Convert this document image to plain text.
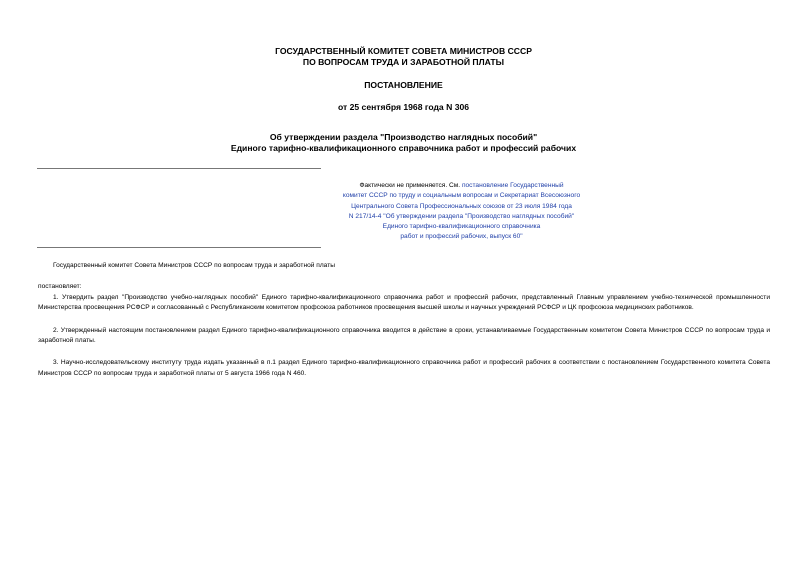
ГОСУДАРСТВЕННЫЙ КОМИТЕТ СОВЕТА МИНИСТРОВ СССР
ПО ВОПРОСАМ ТРУДА И ЗАРАБОТНОЙ ПЛАТЫ
ПОСТАНОВЛЕНИЕ
от 25 сентября 1968 года N 306
Об утверждении раздела "Производство наглядных пособий"
Единого тарифно-квалификационного справочника работ и профессий рабочих
Фактически не применяется. См. постановление Государственный
комитет СССР по труду и социальным вопросам и Секретариат Всесоюзного
Центрального Совета Профессиональных союзов от 23 июля 1984 года
N 217/14-4 "Об утверждении раздела "Производство наглядных пособий"
Единого тарифно-квалификационного справочника
работ и профессий рабочих, выпуск 60"

Государственный комитет Совета Министров СССР по вопросам труда и заработной платы

постановляет:

1. Утвердить раздел "Производство учебно-наглядных пособий" Единого тарифно-квалификационного справочника работ и профессий рабочих, представленный Главным управлением учебно-технической промышленности Министерства просвещения РСФСР и согласованный с Республиканским комитетом профсоюза работников просвещения высшей школы и научных учреждений РСФСР и ЦК профсоюза медицинских работников.

2. Утвержденный настоящим постановлением раздел Единого тарифно-квалификационного справочника вводится в действие в сроки, устанавливаемые Государственным комитетом Совета Министров СССР по вопросам труда и заработной платы.

3. Научно-исследовательскому институту труда издать указанный в п.1 раздел Единого тарифно-квалификационного справочника работ и профессий рабочих в соответствии с постановлением Государственного комитета Совета Министров СССР по вопросам труда и заработной платы от 5 августа 1966 года N 460.
